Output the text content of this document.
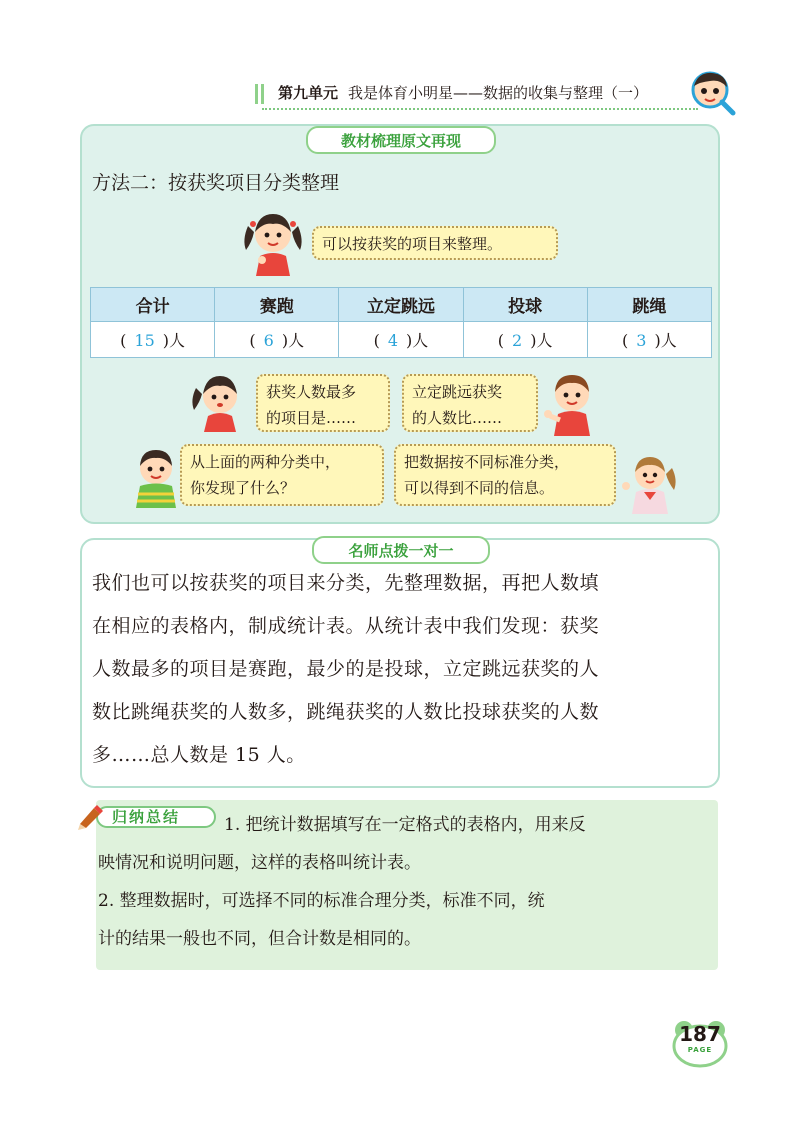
第九单元 我是体育小明星——数据的收集与整理（一）
教材梳理原文再现
方法二：按获奖项目分类整理
可以按获奖的项目来整理。
合计	赛跑	立定跳远	投球	跳绳
( 15 )人	( 6 )人	( 4 )人	( 2 )人	( 3 )人
获奖人数最多
的项目是……
立定跳远获奖
的人数比……
从上面的两种分类中，
你发现了什么？
把数据按不同标准分类，
可以得到不同的信息。
名师点拨一对一

我们也可以按获奖的项目来分类，先整理数据，再把人数填

在相应的表格内，制成统计表。从统计表中我们发现：获奖

人数最多的项目是赛跑，最少的是投球，立定跳远获奖的人

数比跳绳获奖的人数多，跳绳获奖的人数比投球获奖的人数

多……总人数是 15 人。

归纳总结	1. 把统计数据填写在一定格式的表格内，用来反
映情况和说明问题，这样的表格叫统计表。
2. 整理数据时，可选择不同的标准合理分类，标准不同，统
计的结果一般也不同，但合计数是相同的。
187
PAGE
